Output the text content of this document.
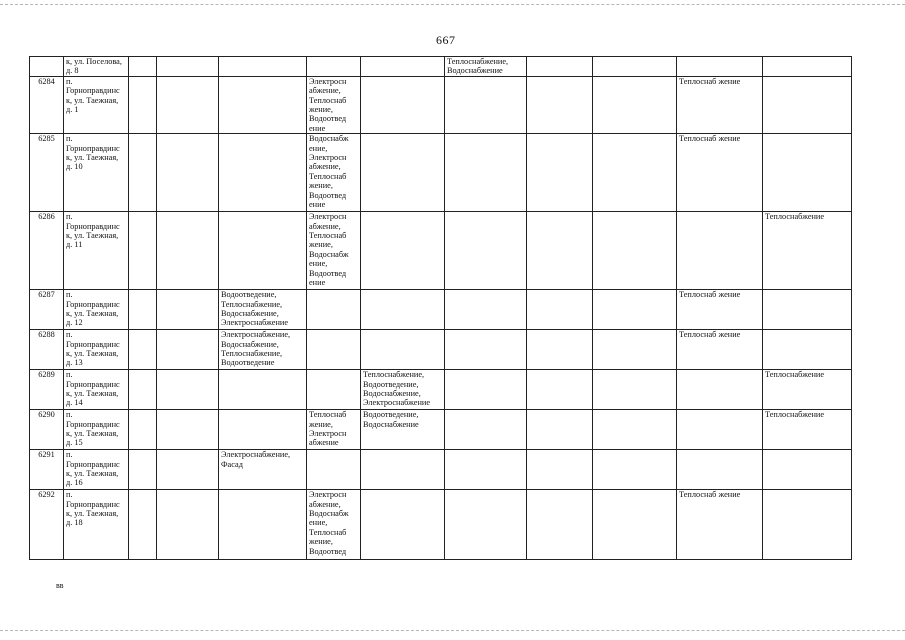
667
	к, ул. Поселова, д. 8						Теплоснабжение, Водоснабжение				
6284	п. Горноправдинс к, ул. Таежная, д. 1				Электросн абжение, Теплоснаб жение, Водоотвед ение					Теплоснаб жение	
6285	п. Горноправдинс к, ул. Таежная, д. 10				Водоснабж ение, Электросн абжение, Теплоснаб жение, Водоотвед ение					Теплоснаб жение	
6286	п. Горноправдинс к, ул. Таежная, д. 11				Электросн абжение, Теплоснаб жение, Водоснабж ение, Водоотвед ение						Теплоснабжение
6287	п. Горноправдинс к, ул. Таежная, д. 12			Водоотведение, Теплоснабжение, Водоснабжение, Электроснабжение						Теплоснаб жение	
6288	п. Горноправдинс к, ул. Таежная, д. 13			Электроснабжение, Водоснабжение, Теплоснабжение, Водоотведение						Теплоснаб жение	
6289	п. Горноправдинс к, ул. Таежная, д. 14					Теплоснабжение, Водоотведение, Водоснабжение, Электроснабжение					Теплоснабжение
6290	п. Горноправдинс к, ул. Таежная, д. 15				Теплоснаб жение, Электросн абжение	Водоотведение, Водоснабжение					Теплоснабжение
6291	п. Горноправдинс к, ул. Таежная, д. 16			Электроснабжение, Фасад							
6292	п. Горноправдинс к, ул. Таежная, д. 18				Электросн абжение, Водоснабж ение, Теплоснаб жение, Водоотвед					Теплоснаб жение	
вв
